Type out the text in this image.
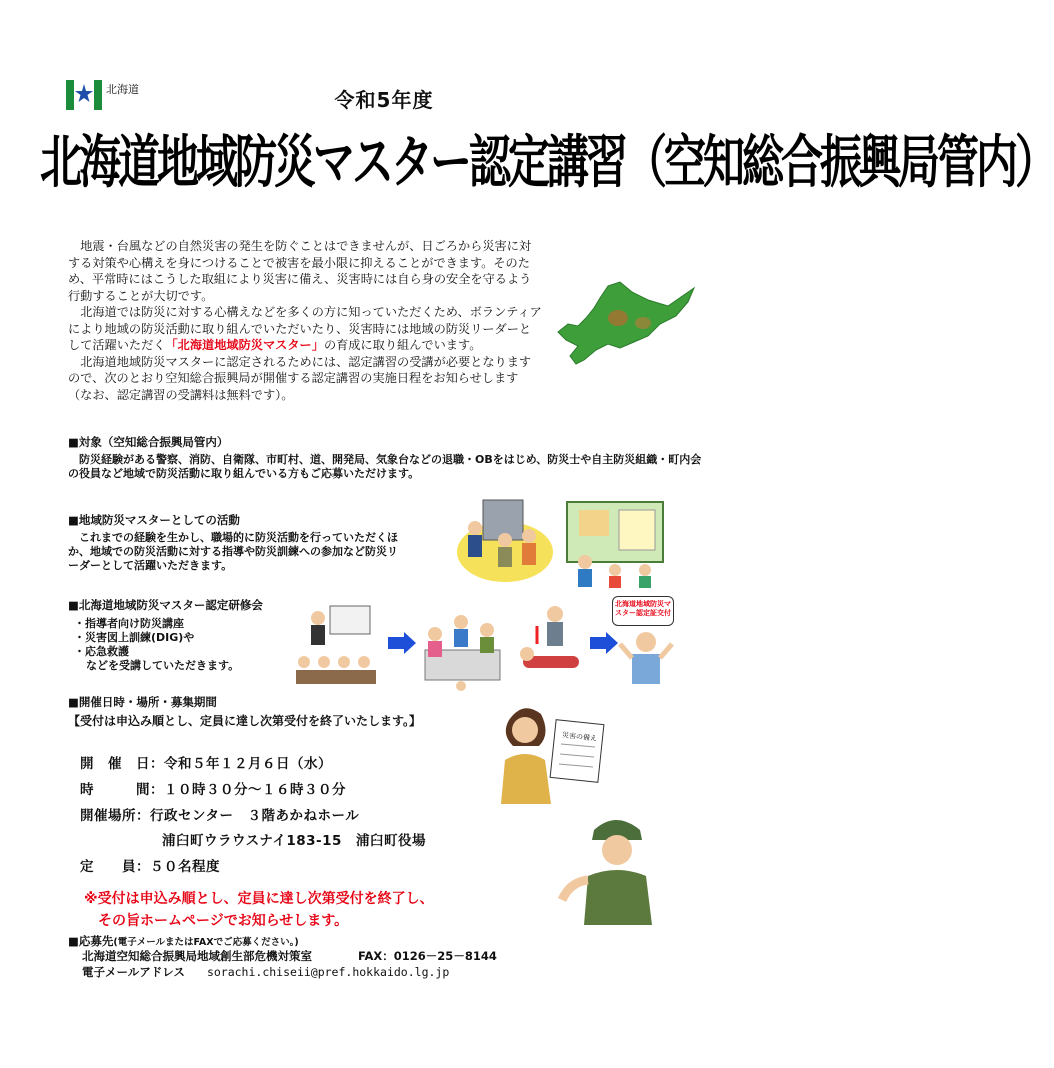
北海道	令和5年度
北海道地域防災マスター認定講習（空知総合振興局管内）

地震・台風などの自然災害の発生を防ぐことはできませんが、日ごろから災害に対する対策や心構えを身につけることで被害を最小限に抑えることができます。そのため、平常時にはこうした取組により災害に備え、災害時には自ら身の安全を守るよう行動することが大切です。

北海道では防災に対する心構えなどを多くの方に知っていただくため、ボランティアにより地域の防災活動に取り組んでいただいたり、災害時には地域の防災リーダーとして活躍いただく「北海道地域防災マスター」の育成に取り組んでいます。

北海道地域防災マスターに認定されるためには、認定講習の受講が必要となりますので、次のとおり空知総合振興局が開催する認定講習の実施日程をお知らせします（なお、認定講習の受講料は無料です）。

■対象（空知総合振興局管内）
防災経験がある警察、消防、自衛隊、市町村、道、開発局、気象台などの退職・OBをはじめ、防災士や自主防災組織・町内会の役員など地域で防災活動に取り組んでいる方もご応募いただけます。
■地域防災マスターとしての活動
これまでの経験を生かし、職場的に防災活動を行っていただくほか、地域での防災活動に対する指導や防災訓練への参加など防災リーダーとして活躍いただきます。
■北海道地域防災マスター認定研修会
・指導者向け防災講座
・災害図上訓練(DIG)や
・応急救護
などを受講していただきます。
北海道地域防災マスター認定証交付
■開催日時・場所・募集期間
【受付は申込み順とし、定員に達し次第受付を終了いたします。】
開　催　日：令和５年１２月６日（水）
時　　　間：１０時３０分～１６時３０分
開催場所：行政センター　３階あかねホール
浦臼町ウラウスナイ183-15　浦臼町役場
定　　員：５０名程度
災害の備え
※受付は申込み順とし、定員に達し次第受付を終了し、
その旨ホームページでお知らせします。
■応募先(電子メールまたはFAXでご応募ください。)
北海道空知総合振興局地域創生部危機対策室	FAX：0126－25－8144
電子メールアドレス sorachi.chiseii@pref.hokkaido.lg.jp
